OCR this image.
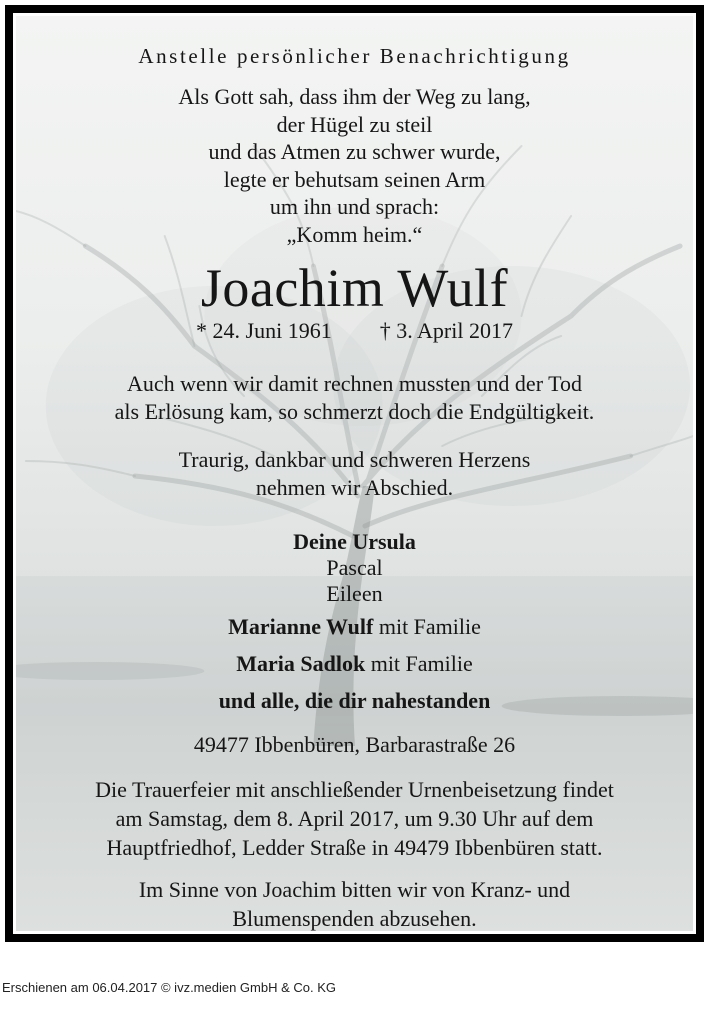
Anstelle persönlicher Benachrichtigung
Als Gott sah, dass ihm der Weg zu lang,
der Hügel zu steil
und das Atmen zu schwer wurde,
legte er behutsam seinen Arm
um ihn und sprach:
„Komm heim.“
Joachim Wulf
* 24. Juni 1961 † 3. April 2017
Auch wenn wir damit rechnen mussten und der Tod
als Erlösung kam, so schmerzt doch die Endgültigkeit.
Traurig, dankbar und schweren Herzens
nehmen wir Abschied.
Deine Ursula
Pascal
Eileen
Marianne Wulf mit Familie
Maria Sadlok mit Familie
und alle, die dir nahestanden
49477 Ibbenbüren, Barbarastraße 26
Die Trauerfeier mit anschließender Urnenbeisetzung findet
am Samstag, dem 8. April 2017, um 9.30 Uhr auf dem
Hauptfriedhof, Ledder Straße in 49479 Ibbenbüren statt.
Im Sinne von Joachim bitten wir von Kranz- und
Blumenspenden abzusehen.
Erschienen am 06.04.2017 © ivz.medien GmbH & Co. KG
